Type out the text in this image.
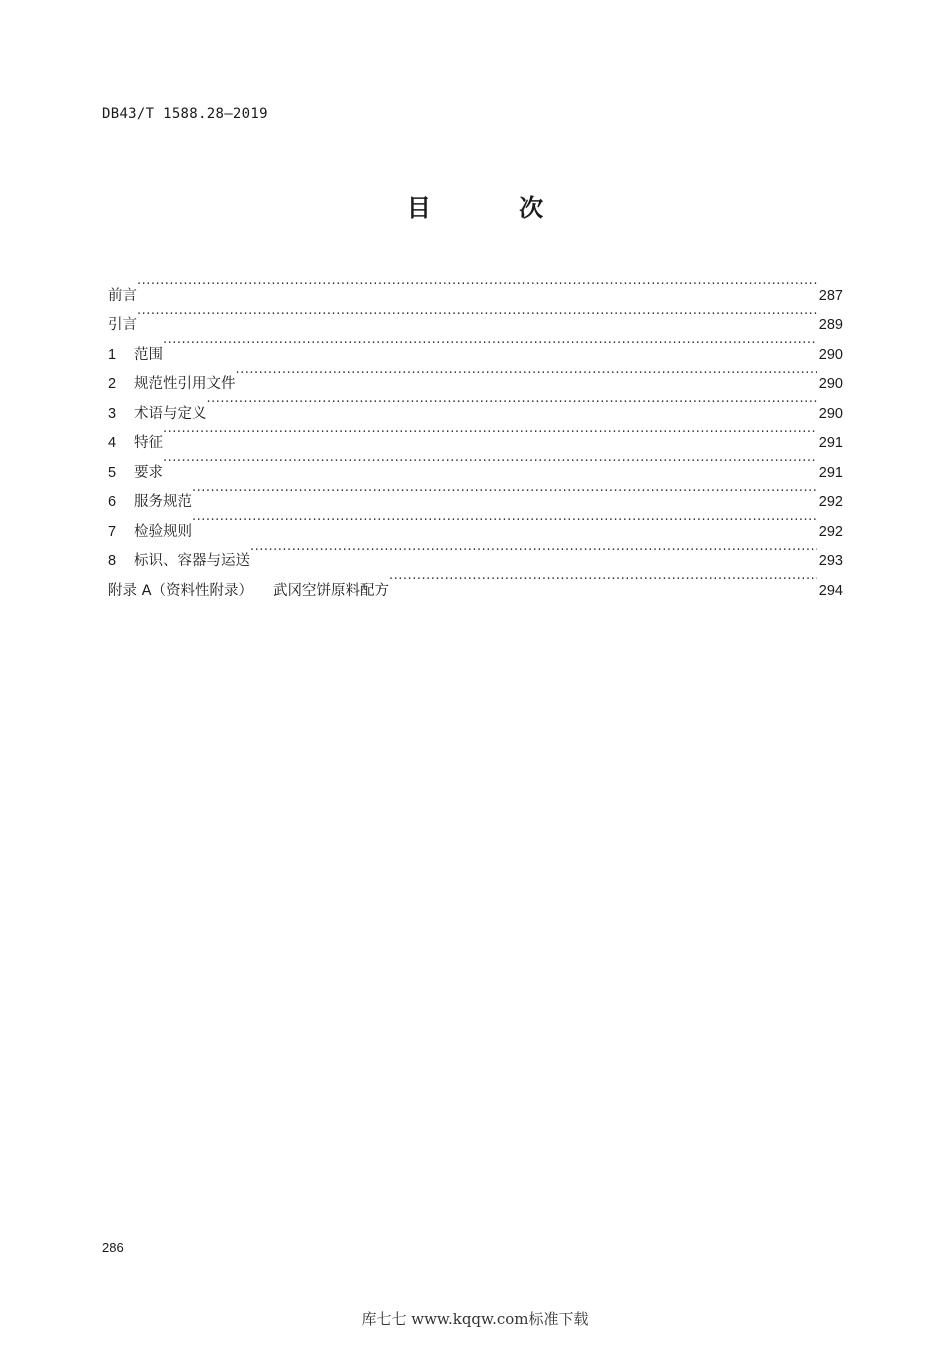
DB43/T 1588.28—2019
目 次
前言 ·····	287
引言 ·····	289
1	范围 ·····	290
2	规范性引用文件 ·····	290
3	术语与定义 ·····	290
4	特征 ·····	291
5	要求 ·····	291
6	服务规范 ·····	292
7	检验规则 ·····	292
8	标识、容器与运送 ·····	293
附录 A（资料性附录） 武冈空饼原料配方 ·····	294
286
库七七 www.kqqw.com标准下载
